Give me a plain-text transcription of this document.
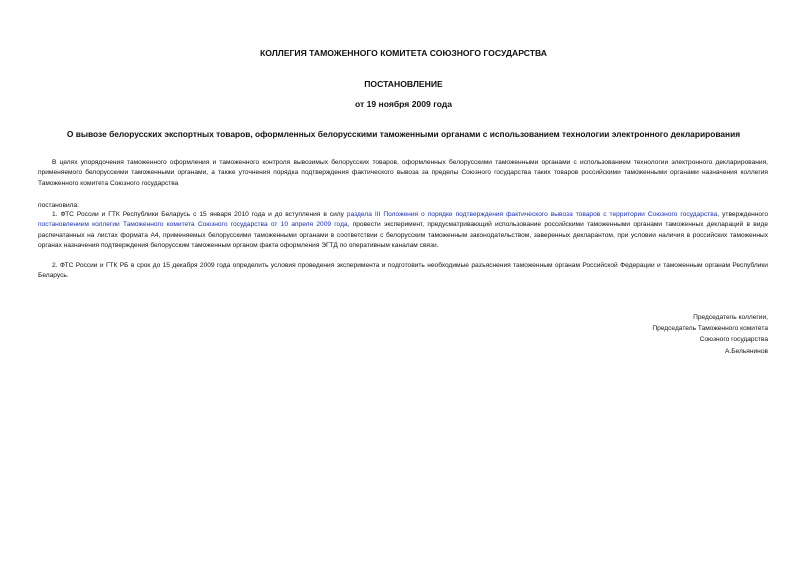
КОЛЛЕГИЯ ТАМОЖЕННОГО КОМИТЕТА СОЮЗНОГО ГОСУДАРСТВА
ПОСТАНОВЛЕНИЕ
от 19 ноября 2009 года
О вывозе белорусских экспортных товаров, оформленных белорусскими таможенными органами с использованием технологии электронного декларирования
В целях упорядочения таможенного оформления и таможенного контроля вывозимых белорусских товаров, оформленных белорусскими таможенными органами с использованием технологии электронного декларирования, применяемого белорусскими таможенными органами, а также уточнения порядка подтверждения фактического вывоза за пределы Союзного государства таких товаров российскими таможенными органами назначения коллегия Таможенного комитета Союзного государства
постановила:
1. ФТС России и ГТК Республики Беларусь с 15 января 2010 года и до вступления в силу раздела III Положения о порядке подтверждения фактического вывоза товаров с территории Союзного государства, утвержденного постановлением коллегии Таможенного комитета Союзного государства от 10 апреля 2009 года, провести эксперимент, предусматривающий использование российскими таможенными органами таможенных деклараций в виде распечатанных на листах формата А4, применяемых белорусскими таможенными органами в соответствии с белорусским таможенным законодательством, заверенных декларантом, при условии наличия в российских таможенных органах назначения подтверждения белорусским таможенным органом факта оформления ЭГТД по оперативным каналам связи.
2. ФТС России и ГТК РБ в срок до 15 декабря 2009 года определить условия проведения эксперимента и подготовить необходимые разъяснения таможенным органам Российской Федерации и таможенным органам Республики Беларусь.
Председатель коллегии,
Председатель Таможенного комитета
Союзного государства
А.Бельянинов
